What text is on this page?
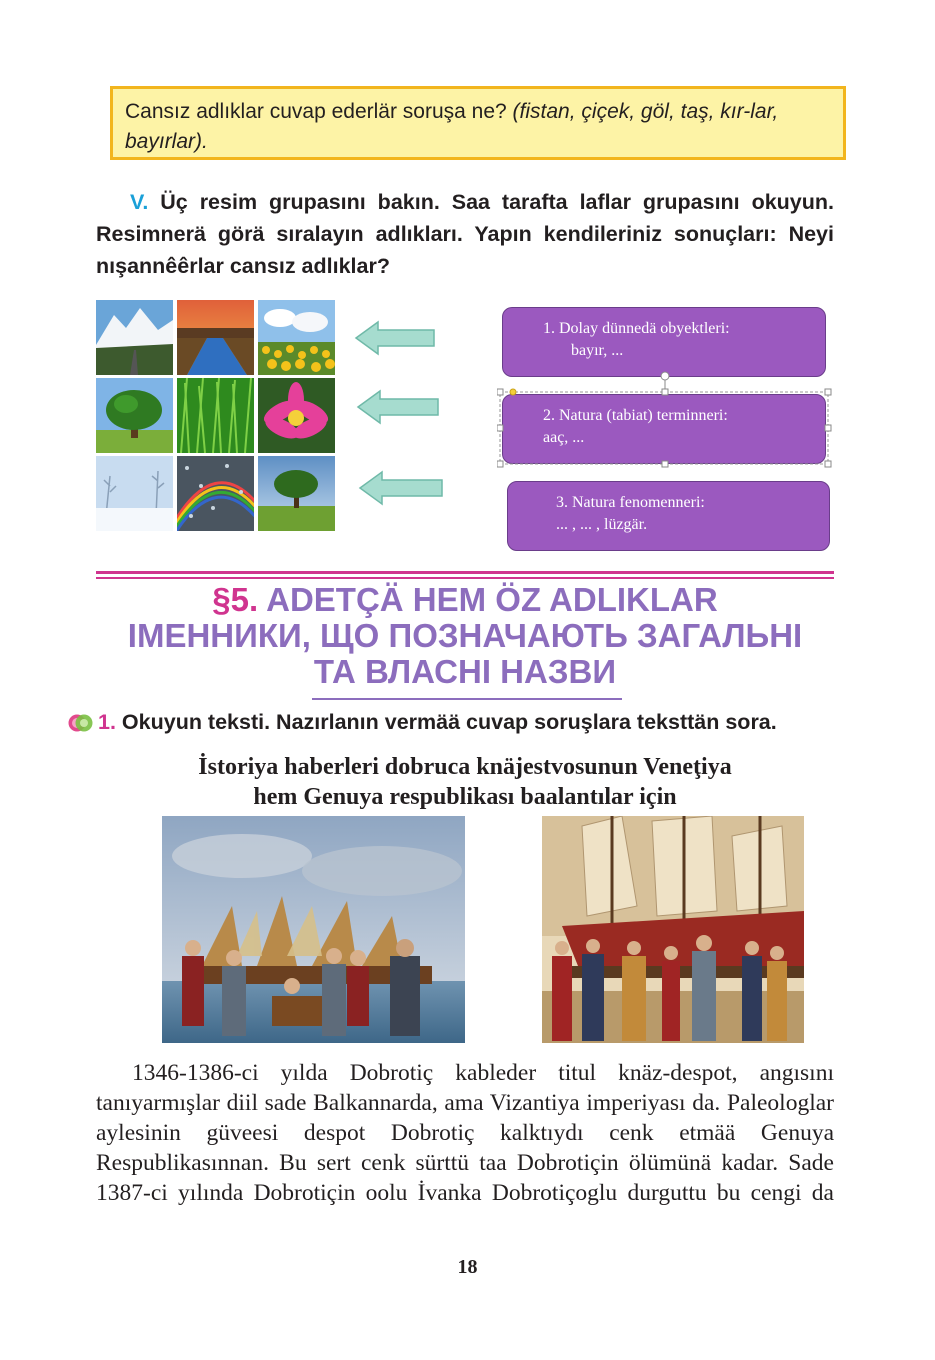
Cansız adlıklar cuvap ederlär soruşa ne? (fistan, çiçek, göl, taş, kır-lar, bayırlar).
V. Üç resim grupasını bakın. Saa tarafta laflar grupasını okuyun. Resimnerä görä sıralayın adlıkları. Yapın kendileriniz sonuçları: Neyi nışannêêrlar cansız adlıklar?
1. Dolay dünnedä obyektleri:
bayır, ...
2. Natura (tabiat) terminneri:
aaç, ...
3. Natura fenomenneri:
... , ... , lüzgär.
§5. ADETÇÄ HEM ÖZ ADLIKLAR
ІМЕННИКИ, ЩО ПОЗНАЧАЮТЬ ЗАГАЛЬНІ
ТА ВЛАСНІ НАЗВИ
1. Okuyun teksti. Nazırlanın vermää cuvap soruşlara teksttän sora.
İstoriya haberleri dobruca knäjestvosunun Veneţiya
hem Genuya respublikası baalantılar için

1346-1386-ci yılda Dobrotiç kableder titul knäz-despot, angısını tanıyarmışlar diil sade Balkannarda, ama Vizantiya imperiyası da. Paleologlar aylesinin güveesi despot Dobrotiç kalktıydı cenk etmää Genuya Respublikasınnan. Bu sert cenk sürttü taa Dobrotiçin ölümünä kadar. Sade 1387-ci yılında Dobrotiçin oolu İvanka Dobrotiçoglu durguttu bu cengi da

18
